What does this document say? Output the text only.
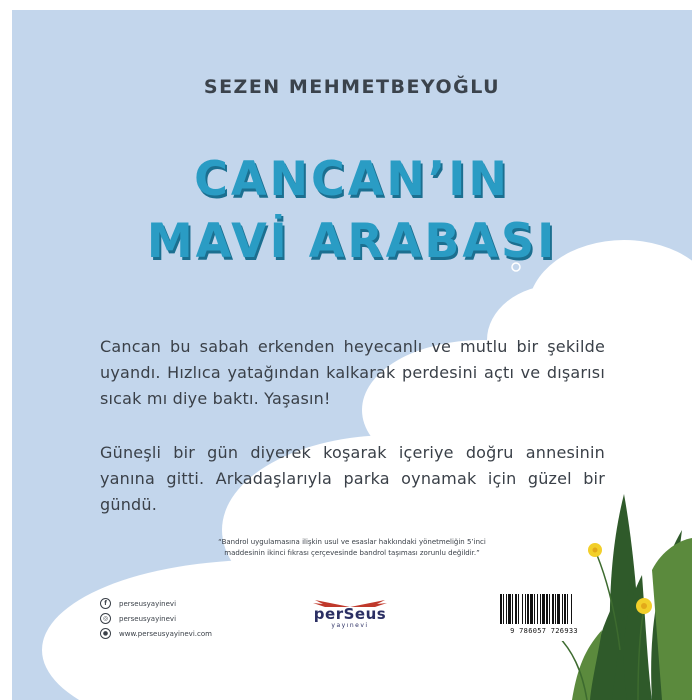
SEZEN MEHMETBEYOĞLU
CANCAN’IN
MAVİ ARABASI
Cancan bu sabah erkenden heyecanlı ve mutlu bir şekilde uyandı. Hızlıca yatağından kalkarak perdesini açtı ve dışarısı sıcak mı diye baktı. Yaşasın!
Güneşli bir gün diyerek koşarak içeriye doğru annesinin yanına gitti. Arkadaşlarıyla parka oynamak için güzel bir gündü.
“Bandrol uygulamasına ilişkin usul ve esaslar hakkındaki yönetmeliğin 5’inci
maddesinin ikinci fıkrası çerçevesinde bandrol taşıması zorunlu değildir.”
f	perseusyayinevi
◎	perseusyayinevi
●	www.perseusyayinevi.com
perSeus
yayınevi
9 786057 726933
